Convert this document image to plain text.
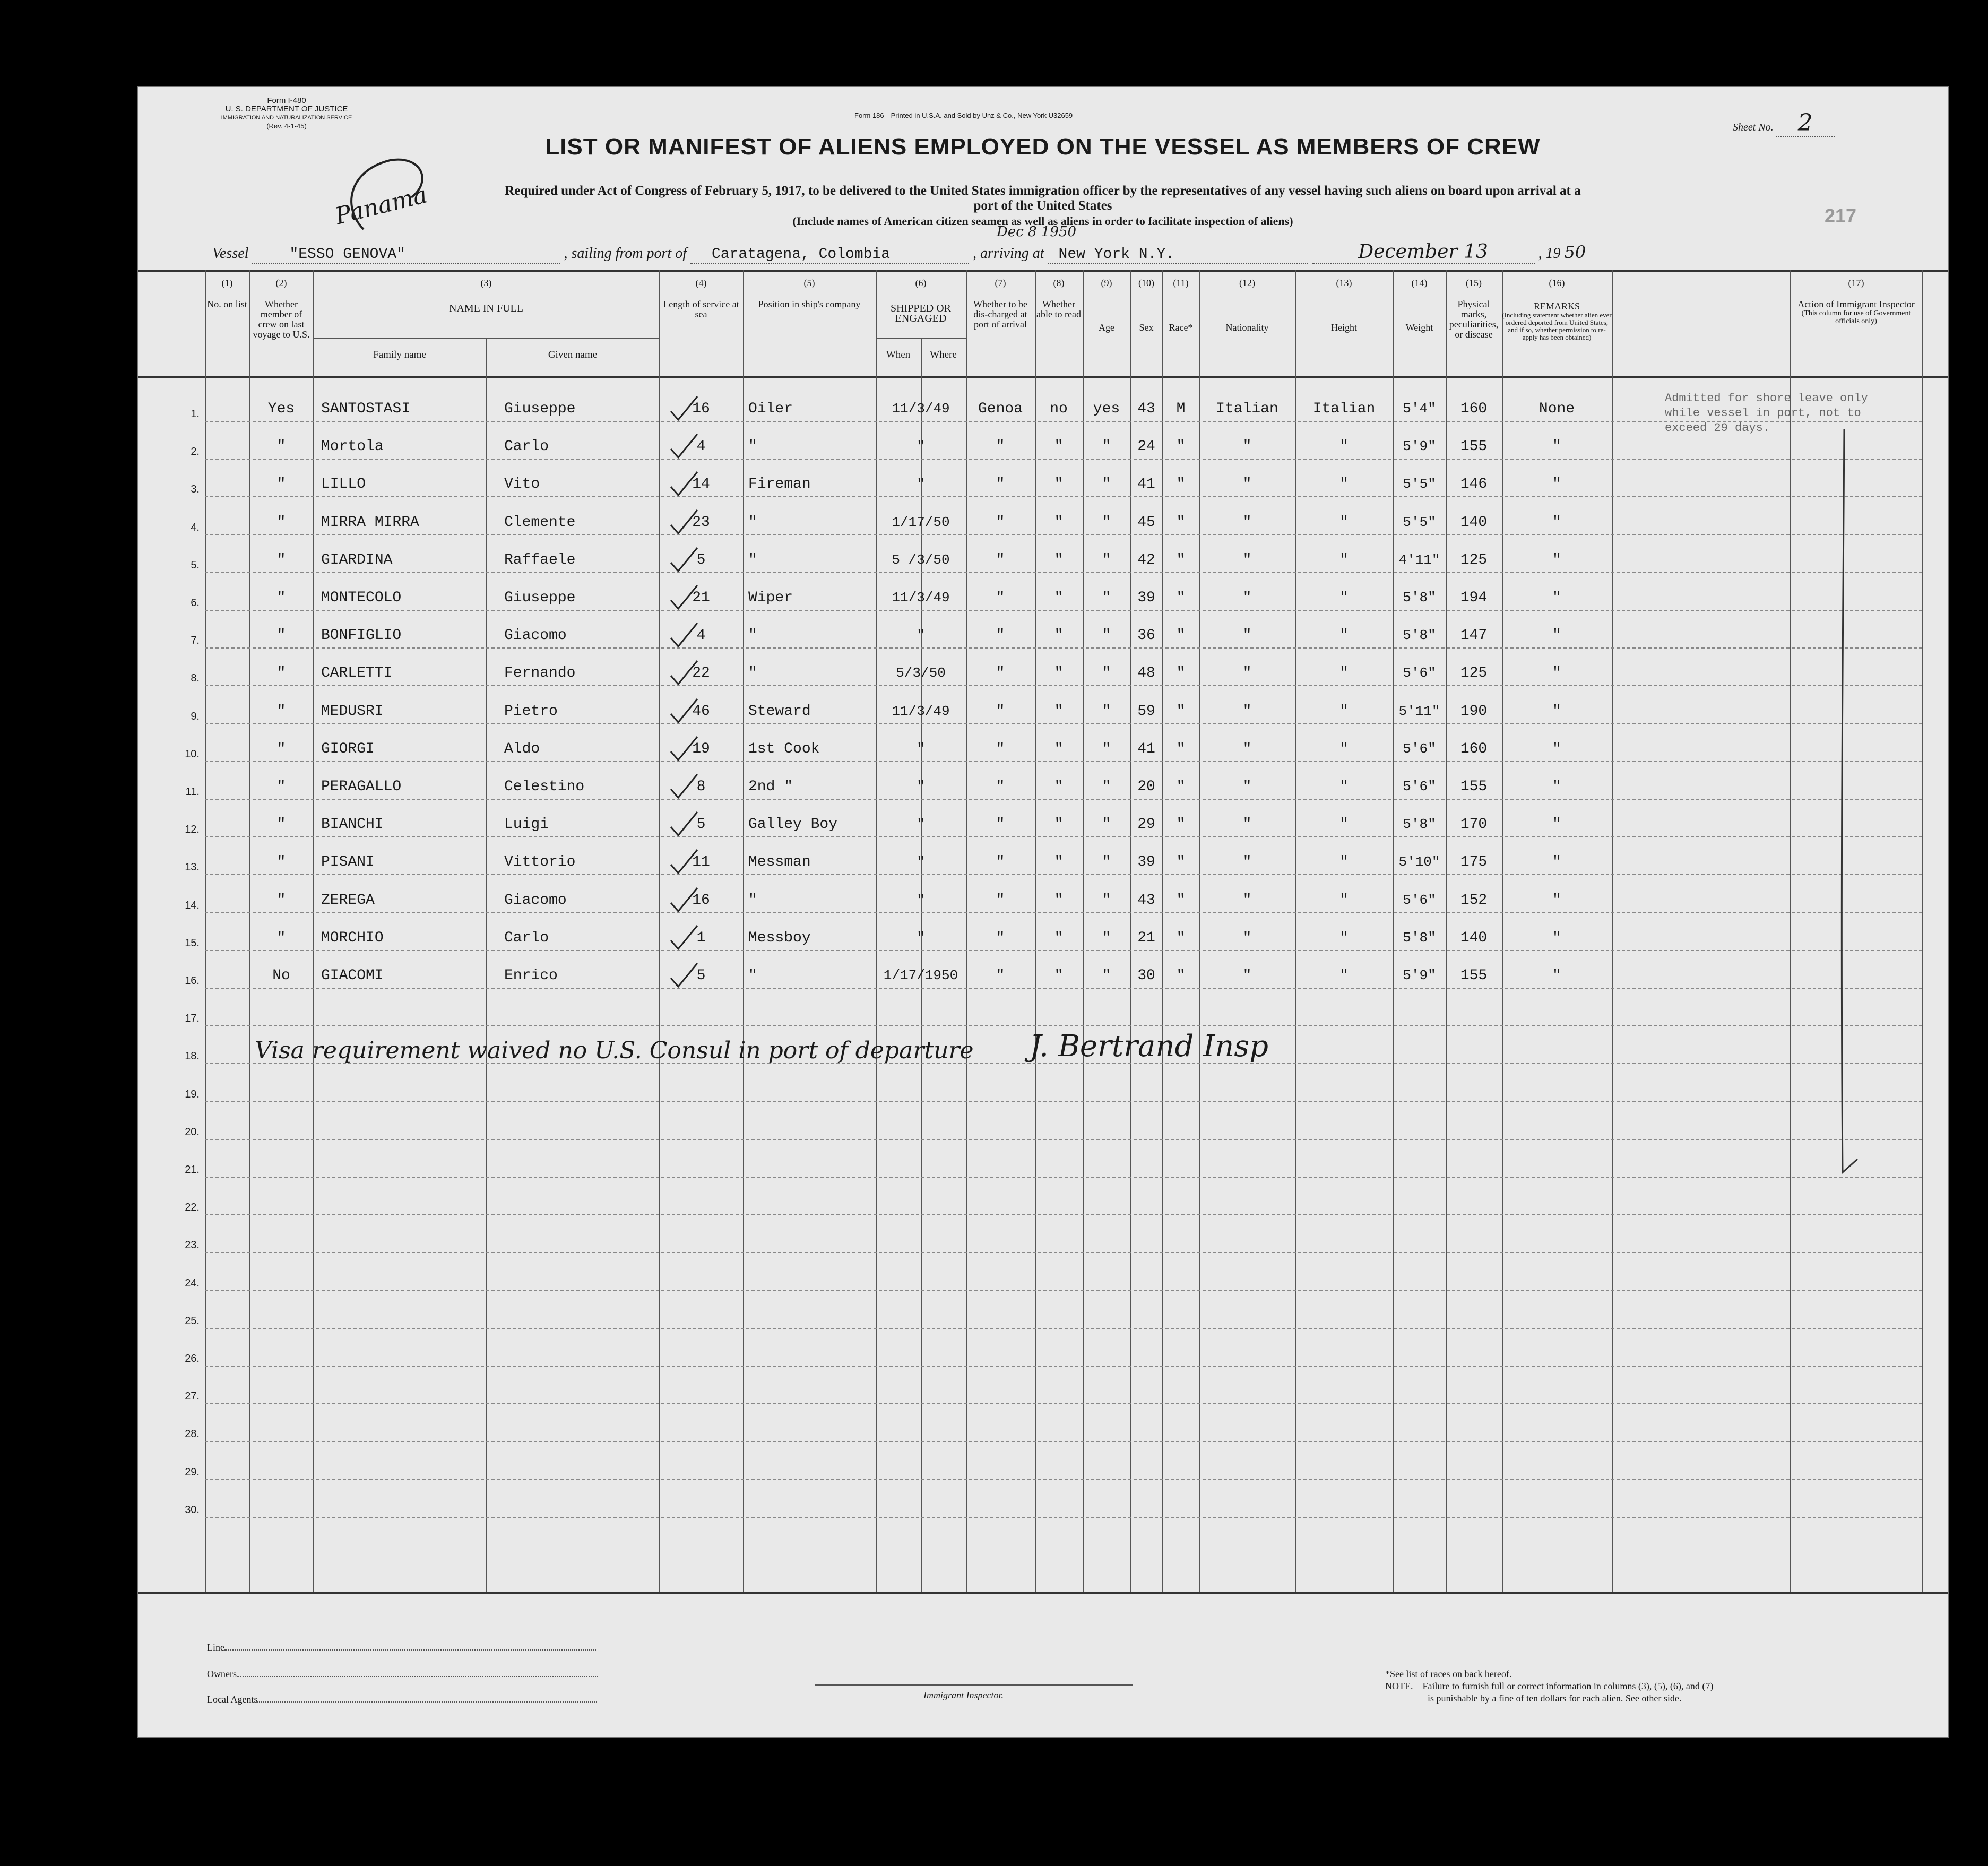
Form I-480
U. S. DEPARTMENT OF JUSTICE
IMMIGRATION AND NATURALIZATION SERVICE
(Rev. 4-1-45)
Form 186—Printed in U.S.A. and Sold by Unz & Co., New York U32659
Sheet No. 2
LIST OR MANIFEST OF ALIENS EMPLOYED ON THE VESSEL AS MEMBERS OF CREW
Required under Act of Congress of February 5, 1917, to be delivered to the United States immigration officer by the representatives of any vessel having such aliens on board upon arrival at a
port of the United States
(Include names of American citizen seamen as well as aliens in order to facilitate inspection of aliens)	217
Panama
Dec 8 1950
Vessel	"ESSO GENOVA"	, sailing from port of Caratagena, Colombia	, arriving at New York N.Y.	December 13	, 19 50
(1)
No. on list
(2)
Whether member of crew on last voyage to U.S.
(3)
NAME IN FULL
(4)
Length of service at sea
(5)
Position in ship's company
(6)
SHIPPED OR ENGAGED
(7)
Whether to be dis-charged at port of arrival
(8)
Whether able to read
(9)
Age
(10)
Sex
(11)
Race*
(12)
Nationality
(13)
Height
(14)
Weight
(15)
Physical marks, peculiarities, or disease
(16)
REMARKS
(Including statement whether alien ever ordered deported from United States, and if so, whether permission to re-apply has been obtained)
(17)
Action of Immigrant Inspector
(This column for use of Government officials only)
Family name	Given name	When	Where
1.	Yes	SANTOSTASI	Giuseppe	16	Oiler	11/3/49	Genoa	no	yes	43	M	Italian	Italian	5'4"	160	None
2.	"	Mortola	Carlo	4	"	"	"	"	"	24	"	"	"	5'9"	155	"
3.	"	LILLO	Vito	14	Fireman	"	"	"	"	41	"	"	"	5'5"	146	"
4.	"	MIRRA MIRRA	Clemente	23	"	1/17/50	"	"	"	45	"	"	"	5'5"	140	"
5.	"	GIARDINA	Raffaele	5	"	5 /3/50	"	"	"	42	"	"	"	4'11"	125	"
6.	"	MONTECOLO	Giuseppe	21	Wiper	11/3/49	"	"	"	39	"	"	"	5'8"	194	"
7.	"	BONFIGLIO	Giacomo	4	"	"	"	"	"	36	"	"	"	5'8"	147	"
8.	"	CARLETTI	Fernando	22	"	5/3/50	"	"	"	48	"	"	"	5'6"	125	"
9.	"	MEDUSRI	Pietro	46	Steward	11/3/49	"	"	"	59	"	"	"	5'11"	190	"
10.	"	GIORGI	Aldo	19	1st Cook	"	"	"	"	41	"	"	"	5'6"	160	"
11.	"	PERAGALLO	Celestino	8	2nd "	"	"	"	"	20	"	"	"	5'6"	155	"
12.	"	BIANCHI	Luigi	5	Galley Boy	"	"	"	"	29	"	"	"	5'8"	170	"
13.	"	PISANI	Vittorio	11	Messman	"	"	"	"	39	"	"	"	5'10"	175	"
14.	"	ZEREGA	Giacomo	16	"	"	"	"	"	43	"	"	"	5'6"	152	"
15.	"	MORCHIO	Carlo	1	Messboy	"	"	"	"	21	"	"	"	5'8"	140	"
16.	No	GIACOMI	Enrico	5	"	1/17/1950	"	"	"	30	"	"	"	5'9"	155	"
17.
18.
19.
20.
21.
22.
23.
24.
25.
26.
27.
28.
29.
30.
Admitted for shore leave only while vessel in port, not to exceed 29 days.
Visa requirement waived no U.S. Consul in port of departure J. Bertrand Insp
Line
Owners
Local Agents	Immigrant Inspector.
*See list of races on back hereof.
NOTE.—Failure to furnish full or correct information in columns (3), (5), (6), and (7)
is punishable by a fine of ten dollars for each alien. See other side.
